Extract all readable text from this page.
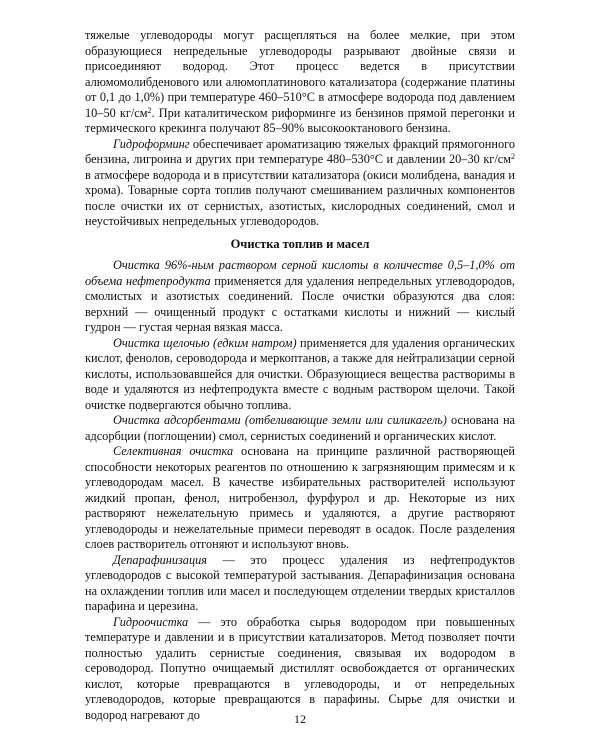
тяжелые углеводороды могут расщепляться на более мелкие, при этом образующиеся непредельные углеводороды разрывают двойные связи и присоединяют водород. Этот процесс ведется в присутствии алюмомолибденового или алюмоплатинового катализатора (содержание платины от 0,1 до 1,0%) при температуре 460–510°С в атмосфере водорода под давлением 10–50 $кг/см^2$. При каталитическом риформинге из бензинов прямой перегонки и термического крекинга получают 85–90% высокооктанового бензина.

Гидроформинг обеспечивает ароматизацию тяжелых фракций прямогонного бензина, лигроина и других при температуре 480–530°С и давлении 20–30 $кг/см^2$ в атмосфере водорода и в присутствии катализатора (окиси молибдена, ванадия и хрома). Товарные сорта топлив получают смешиванием различных компонентов после очистки их от сернистых, азотистых, кислородных соединений, смол и неустойчивых непредельных углеводородов.

Очистка топлив и масел

Очистка 96%-ным раствором серной кислоты в количестве 0,5–1,0% от объема нефтепродукта применяется для удаления непредельных углеводородов, смолистых и азотистых соединений. После очистки образуются два слоя: верхний — очищенный продукт с остатками кислоты и нижний — кислый гудрон — густая черная вязкая масса.

Очистка щелочью (едким натром) применяется для удаления органических кислот, фенолов, сероводорода и меркоптанов, а также для нейтрализации серной кислоты, использовавшейся для очистки. Образующиеся вещества растворимы в воде и удаляются из нефтепродукта вместе с водным раствором щелочи. Такой очистке подвергаются обычно топлива.

Очистка адсорбентами (отбеливающие земли или силикагель) основана на адсорбции (поглощении) смол, сернистых соединений и органических кислот.

Селективная очистка основана на принципе различной растворяющей способности некоторых реагентов по отношению к загрязняющим примесям и к углеводородам масел. В качестве избирательных растворителей используют жидкий пропан, фенол, нитробензол, фурфурол и др. Некоторые из них растворяют нежелательную примесь и удаляются, а другие растворяют углеводороды и нежелательные примеси переводят в осадок. После разделения слоев растворитель отгоняют и используют вновь.

Депарафинизация — это процесс удаления из нефтепродуктов углеводородов с высокой температурой застывания. Депарафинизация основана на охлаждении топлив или масел и последующем отделении твердых кристаллов парафина и церезина.

Гидроочистка — это обработка сырья водородом при повышенных температуре и давлении и в присутствии катализаторов. Метод позволяет почти полностью удалить сернистые соединения, связывая их водородом в сероводород. Попутно очищаемый дистиллят освобождается от органических кислот, которые превращаются в углеводороды, и от непредельных углеводородов, которые превращаются в парафины. Сырье для очистки и водород нагревают до	12
